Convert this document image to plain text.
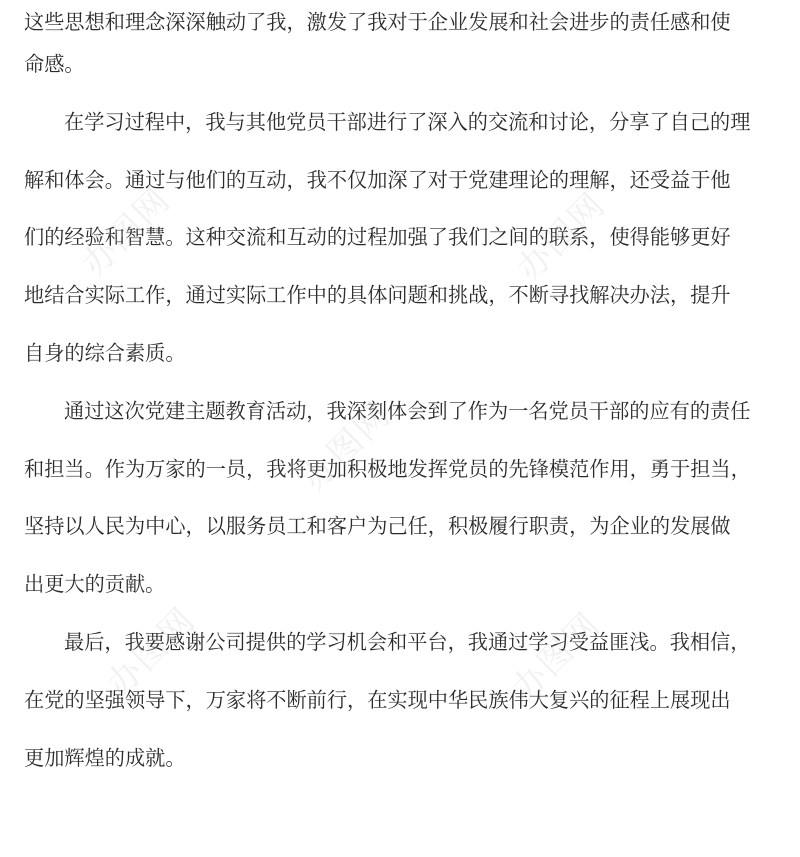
这些思想和理念深深触动了我，激发了我对于企业发展和社会进步的责任感和使
命感。
在学习过程中，我与其他党员干部进行了深入的交流和讨论，分享了自己的理
解和体会。通过与他们的互动，我不仅加深了对于党建理论的理解，还受益于他
们的经验和智慧。这种交流和互动的过程加强了我们之间的联系，使得能够更好
地结合实际工作，通过实际工作中的具体问题和挑战，不断寻找解决办法，提升
自身的综合素质。
通过这次党建主题教育活动，我深刻体会到了作为一名党员干部的应有的责任
和担当。作为万家的一员，我将更加积极地发挥党员的先锋模范作用，勇于担当，
坚持以人民为中心，以服务员工和客户为己任，积极履行职责，为企业的发展做
出更大的贡献。
最后，我要感谢公司提供的学习机会和平台，我通过学习受益匪浅。我相信，
在党的坚强领导下，万家将不断前行，在实现中华民族伟大复兴的征程上展现出
更加辉煌的成就。
办图网	办图网
办图网
办图网	办图网
